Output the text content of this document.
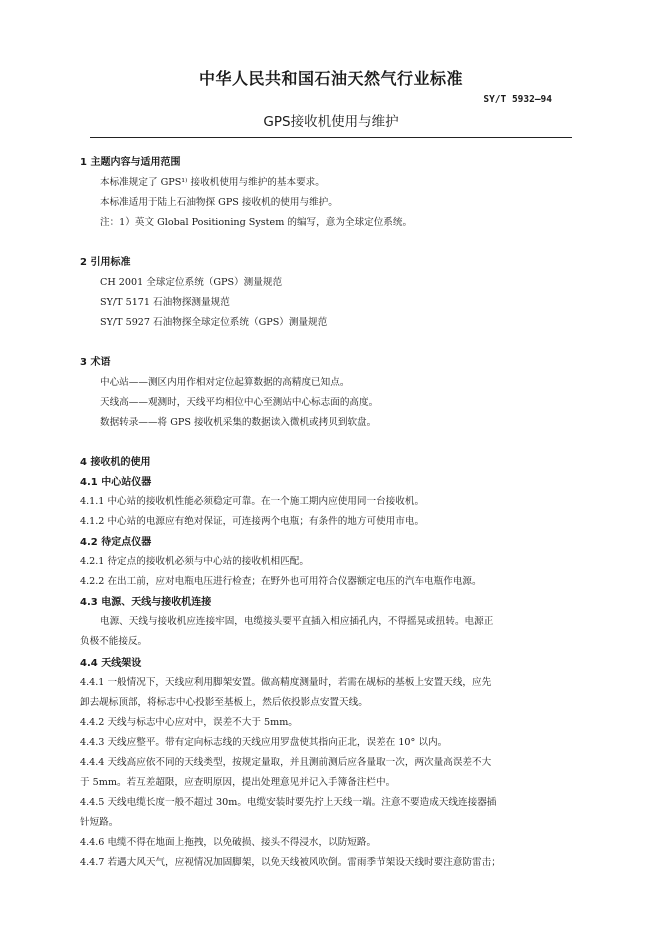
中华人民共和国石油天然气行业标准
SY/T 5932—94
GPS接收机使用与维护
1 主题内容与适用范围
本标准规定了 GPS¹⁾ 接收机使用与维护的基本要求。
本标准适用于陆上石油物探 GPS 接收机的使用与维护。
注：1）英文 Global Positioning System 的编写，意为全球定位系统。
2 引用标准
CH 2001 全球定位系统（GPS）测量规范
SY/T 5171 石油物探测量规范
SY/T 5927 石油物探全球定位系统（GPS）测量规范
3 术语
中心站——测区内用作相对定位起算数据的高精度已知点。
天线高——观测时，天线平均相位中心至测站中心标志面的高度。
数据转录——将 GPS 接收机采集的数据读入微机或拷贝到软盘。
4 接收机的使用
4.1 中心站仪器
4.1.1 中心站的接收机性能必须稳定可靠。在一个施工期内应使用同一台接收机。
4.1.2 中心站的电源应有绝对保证，可连接两个电瓶；有条件的地方可使用市电。
4.2 待定点仪器
4.2.1 待定点的接收机必须与中心站的接收机相匹配。
4.2.2 在出工前，应对电瓶电压进行检查；在野外也可用符合仪器额定电压的汽车电瓶作电源。
4.3 电源、天线与接收机连接
电源、天线与接收机应连接牢固，电缆接头要平直插入相应插孔内，不得摇晃或扭转。电源正
负极不能接反。
4.4 天线架设
4.4.1 一般情况下，天线应利用脚架安置。做高精度测量时，若需在觇标的基板上安置天线，应先
卸去觇标顶部，将标志中心投影至基板上，然后依投影点安置天线。
4.4.2 天线与标志中心应对中，误差不大于 5mm。
4.4.3 天线应整平。带有定向标志线的天线应用罗盘使其指向正北，误差在 10° 以内。
4.4.4 天线高应依不同的天线类型，按规定量取，并且测前测后应各量取一次，两次量高误差不大
于 5mm。若互差超限，应查明原因，提出处理意见并记入手簿备注栏中。
4.4.5 天线电缆长度一般不超过 30m。电缆安装时要先拧上天线一端。注意不要造成天线连接器插
针短路。
4.4.6 电缆不得在地面上拖拽，以免破损、接头不得浸水，以防短路。
4.4.7 若遇大风天气，应视情况加固脚架，以免天线被风吹倒。雷雨季节架设天线时要注意防雷击；
